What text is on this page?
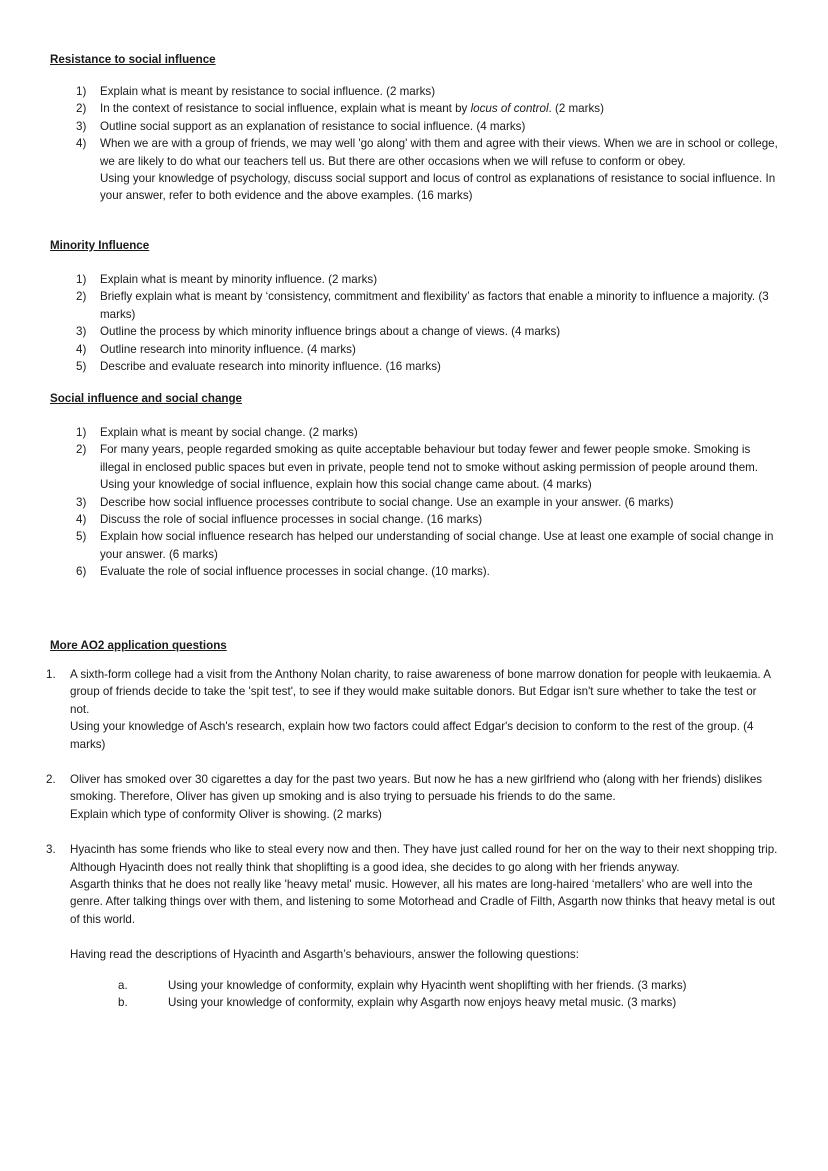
Resistance to social influence
1) Explain what is meant by resistance to social influence. (2 marks)

2) In the context of resistance to social influence, explain what is meant by locus of control. (2 marks)

3) Outline social support as an explanation of resistance to social influence. (4 marks)

4) When we are with a group of friends, we may well 'go along' with them and agree with their views. When we are in school or college, we are likely to do what our teachers tell us. But there are other occasions when we will refuse to conform or obey.

Using your knowledge of psychology, discuss social support and locus of control as explanations of resistance to social influence. In your answer, refer to both evidence and the above examples. (16 marks)

Minority Influence
1) Explain what is meant by minority influence. (2 marks)

2) Briefly explain what is meant by ‘consistency, commitment and flexibility’ as factors that enable a minority to influence a majority. (3 marks)

3) Outline the process by which minority influence brings about a change of views. (4 marks)

4) Outline research into minority influence. (4 marks)

5) Describe and evaluate research into minority influence. (16 marks)

Social influence and social change
1) Explain what is meant by social change. (2 marks)

2) For many years, people regarded smoking as quite acceptable behaviour but today fewer and fewer people smoke. Smoking is illegal in enclosed public spaces but even in private, people tend not to smoke without asking permission of people around them.

Using your knowledge of social influence, explain how this social change came about. (4 marks)

3) Describe how social influence processes contribute to social change. Use an example in your answer. (6 marks)

4) Discuss the role of social influence processes in social change. (16 marks)

5) Explain how social influence research has helped our understanding of social change. Use at least one example of social change in your answer. (6 marks)

6) Evaluate the role of social influence processes in social change. (10 marks).

More AO2 application questions
1. A sixth-form college had a visit from the Anthony Nolan charity, to raise awareness of bone marrow donation for people with leukaemia. A group of friends decide to take the 'spit test', to see if they would make suitable donors. But Edgar isn't sure whether to take the test or not.

Using your knowledge of Asch's research, explain how two factors could affect Edgar's decision to conform to the rest of the group. (4 marks)

2. Oliver has smoked over 30 cigarettes a day for the past two years. But now he has a new girlfriend who (along with her friends) dislikes smoking. Therefore, Oliver has given up smoking and is also trying to persuade his friends to do the same.

Explain which type of conformity Oliver is showing. (2 marks)

3. Hyacinth has some friends who like to steal every now and then. They have just called round for her on the way to their next shopping trip. Although Hyacinth does not really think that shoplifting is a good idea, she decides to go along with her friends anyway.

Asgarth thinks that he does not really like 'heavy metal' music. However, all his mates are long-haired ‘metallers’ who are well into the genre. After talking things over with them, and listening to some Motorhead and Cradle of Filth, Asgarth now thinks that heavy metal is out of this world.

Having read the descriptions of Hyacinth and Asgarth’s behaviours, answer the following questions:

a.	Using your knowledge of conformity, explain why Hyacinth went shoplifting with her friends. (3 marks)

b.	Using your knowledge of conformity, explain why Asgarth now enjoys heavy metal music. (3 marks)
